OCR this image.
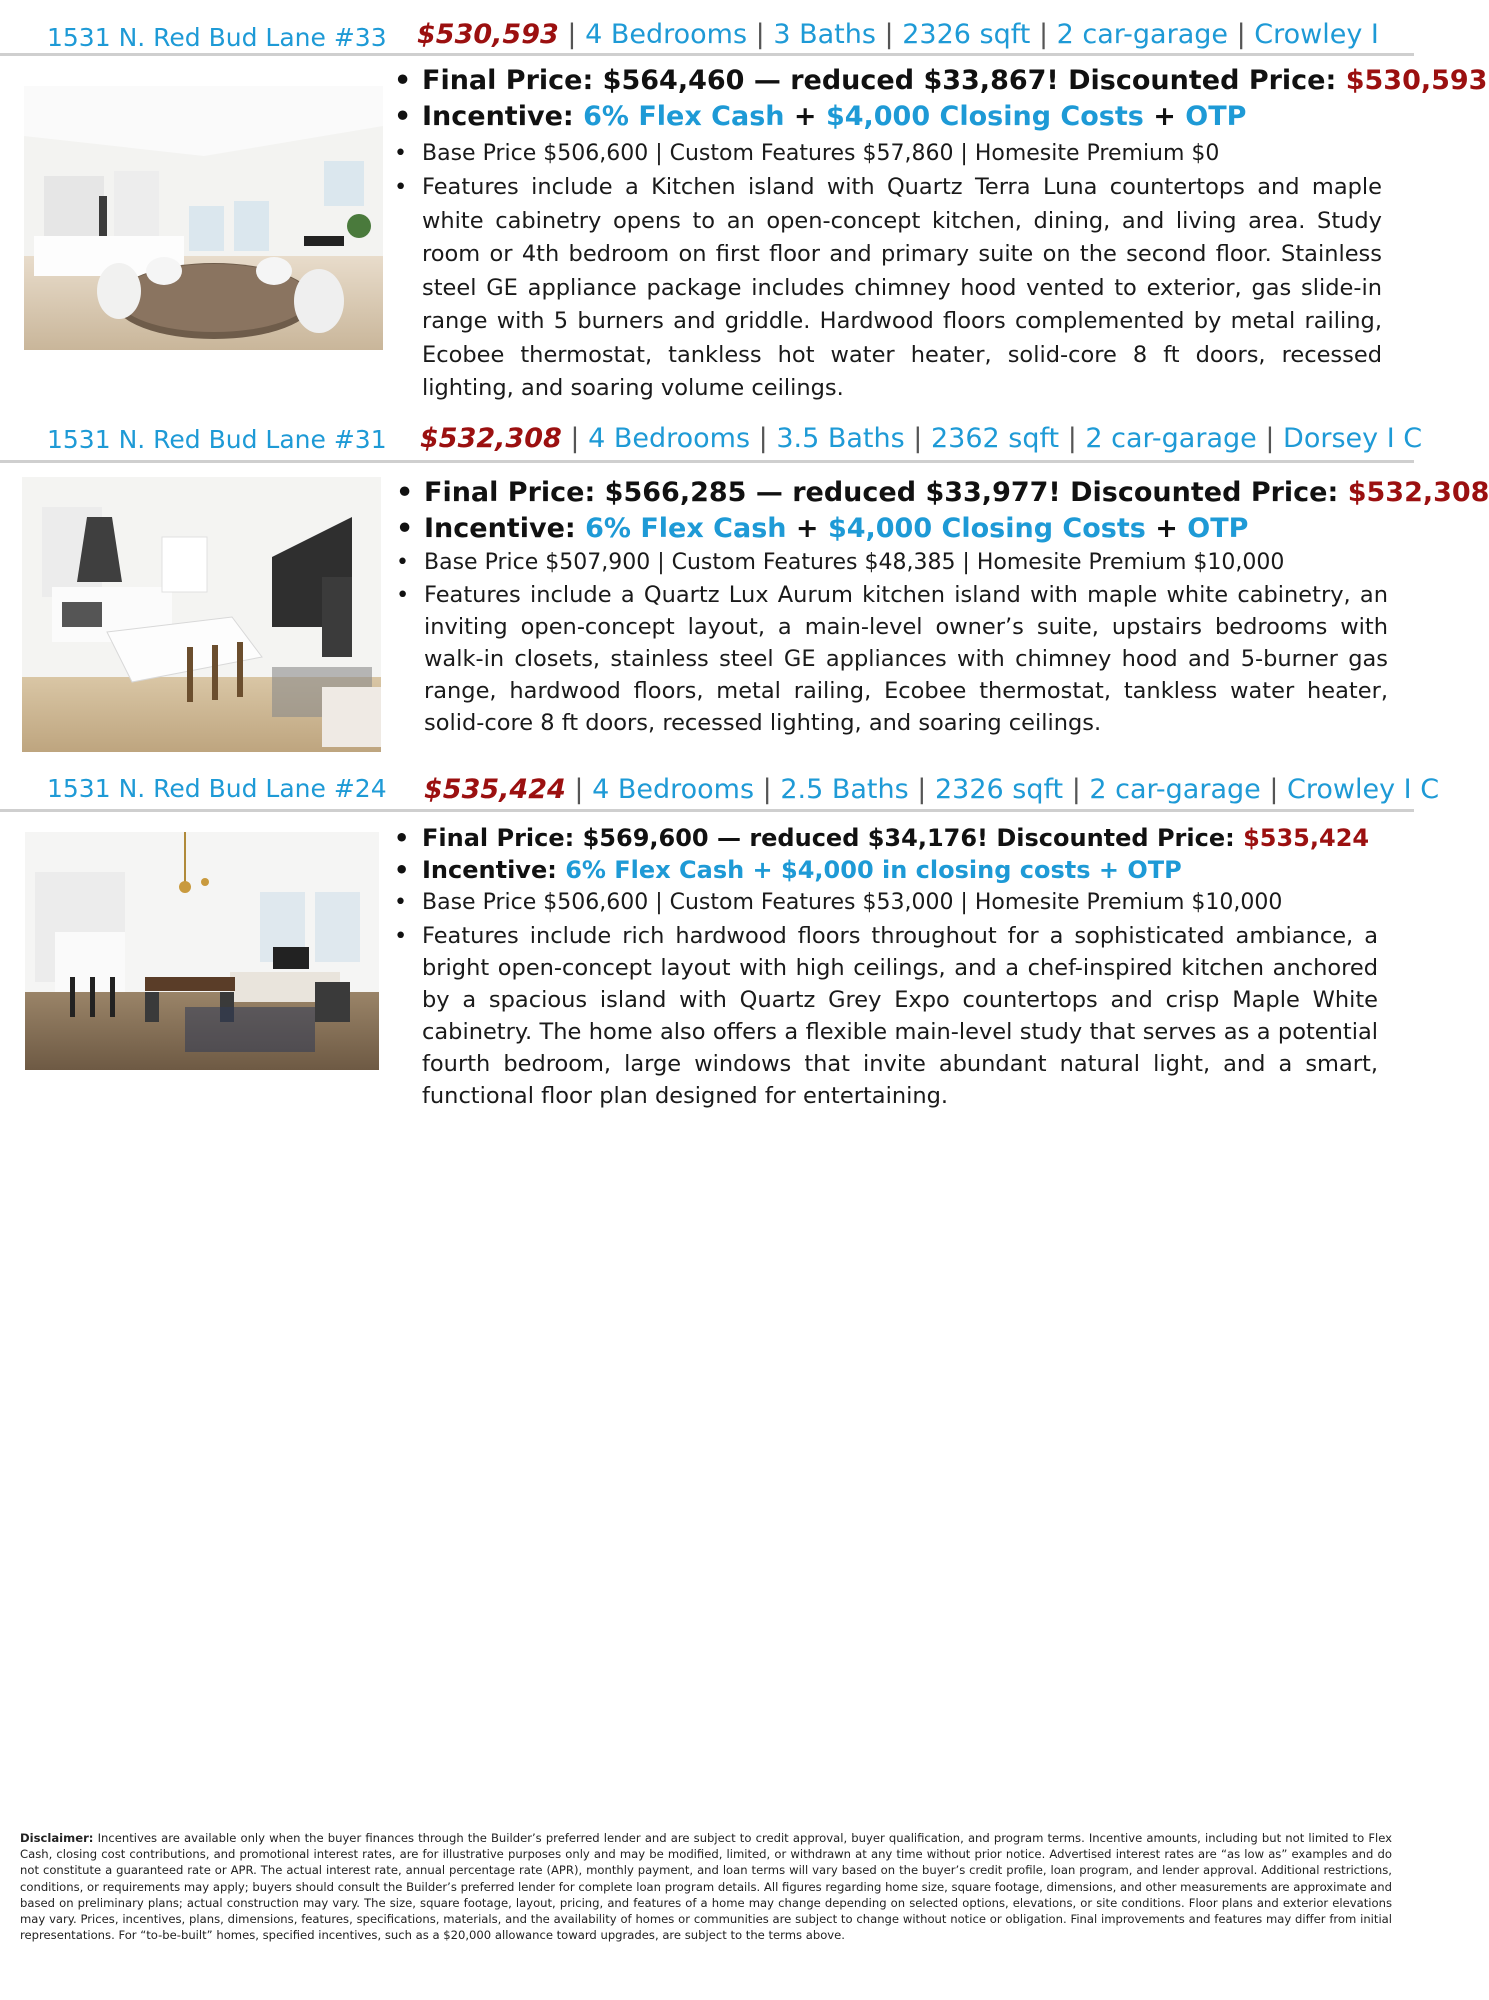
1531 N. Red Bud Lane #33 $530,593 | 4 Bedrooms | 3 Baths | 2326 sqft | 2 car-garage | Crowley I
• Final Price: $564,460 — reduced $33,867! Discounted Price: $530,593
• Incentive: 6% Flex Cash + $4,000 Closing Costs + OTP
• Base Price $506,600 | Custom Features $57,860 | Homesite Premium $0
• Features include a Kitchen island with Quartz Terra Luna countertops and maple white cabinetry opens to an open-concept kitchen, dining, and living area. Study room or 4th bedroom on first floor and primary suite on the second floor. Stainless steel GE appliance package includes chimney hood vented to exterior, gas slide-in range with 5 burners and griddle. Hardwood floors complemented by metal railing, Ecobee thermostat, tankless hot water heater, solid-core 8 ft doors, recessed lighting, and soaring volume ceilings.
1531 N. Red Bud Lane #31 $532,308 | 4 Bedrooms | 3.5 Baths | 2362 sqft | 2 car-garage | Dorsey I C
• Final Price: $566,285 — reduced $33,977! Discounted Price: $532,308
• Incentive: 6% Flex Cash + $4,000 Closing Costs + OTP
• Base Price $507,900 | Custom Features $48,385 | Homesite Premium $10,000
• Features include a Quartz Lux Aurum kitchen island with maple white cabinetry, an inviting open-concept layout, a main-level owner’s suite, upstairs bedrooms with walk-in closets, stainless steel GE appliances with chimney hood and 5-burner gas range, hardwood floors, metal railing, Ecobee thermostat, tankless water heater, solid-core 8 ft doors, recessed lighting, and soaring ceilings.
1531 N. Red Bud Lane #24 $535,424 | 4 Bedrooms | 2.5 Baths | 2326 sqft | 2 car-garage | Crowley I C
• Final Price: $569,600 — reduced $34,176! Discounted Price: $535,424
• Incentive: 6% Flex Cash + $4,000 in closing costs + OTP
• Base Price $506,600 | Custom Features $53,000 | Homesite Premium $10,000
• Features include rich hardwood floors throughout for a sophisticated ambiance, a bright open-concept layout with high ceilings, and a chef-inspired kitchen anchored by a spacious island with Quartz Grey Expo countertops and crisp Maple White cabinetry. The home also offers a flexible main-level study that serves as a potential fourth bedroom, large windows that invite abundant natural light, and a smart, functional floor plan designed for entertaining.

Disclaimer: Incentives are available only when the buyer finances through the Builder’s preferred lender and are subject to credit approval, buyer qualification, and program terms. Incentive amounts, including but not limited to Flex Cash, closing cost contributions, and promotional interest rates, are for illustrative purposes only and may be modified, limited, or withdrawn at any time without prior notice. Advertised interest rates are “as low as” examples and do not constitute a guaranteed rate or APR. The actual interest rate, annual percentage rate (APR), monthly payment, and loan terms will vary based on the buyer’s credit profile, loan program, and lender approval. Additional restrictions, conditions, or requirements may apply; buyers should consult the Builder’s preferred lender for complete loan program details. All figures regarding home size, square footage, dimensions, and other measurements are approximate and based on preliminary plans; actual construction may vary. The size, square footage, layout, pricing, and features of a home may change depending on selected options, elevations, or site conditions. Floor plans and exterior elevations may vary. Prices, incentives, plans, dimensions, features, specifications, materials, and the availability of homes or communities are subject to change without notice or obligation. Final improvements and features may differ from initial representations. For “to-be-built” homes, specified incentives, such as a $20,000 allowance toward upgrades, are subject to the terms above.
